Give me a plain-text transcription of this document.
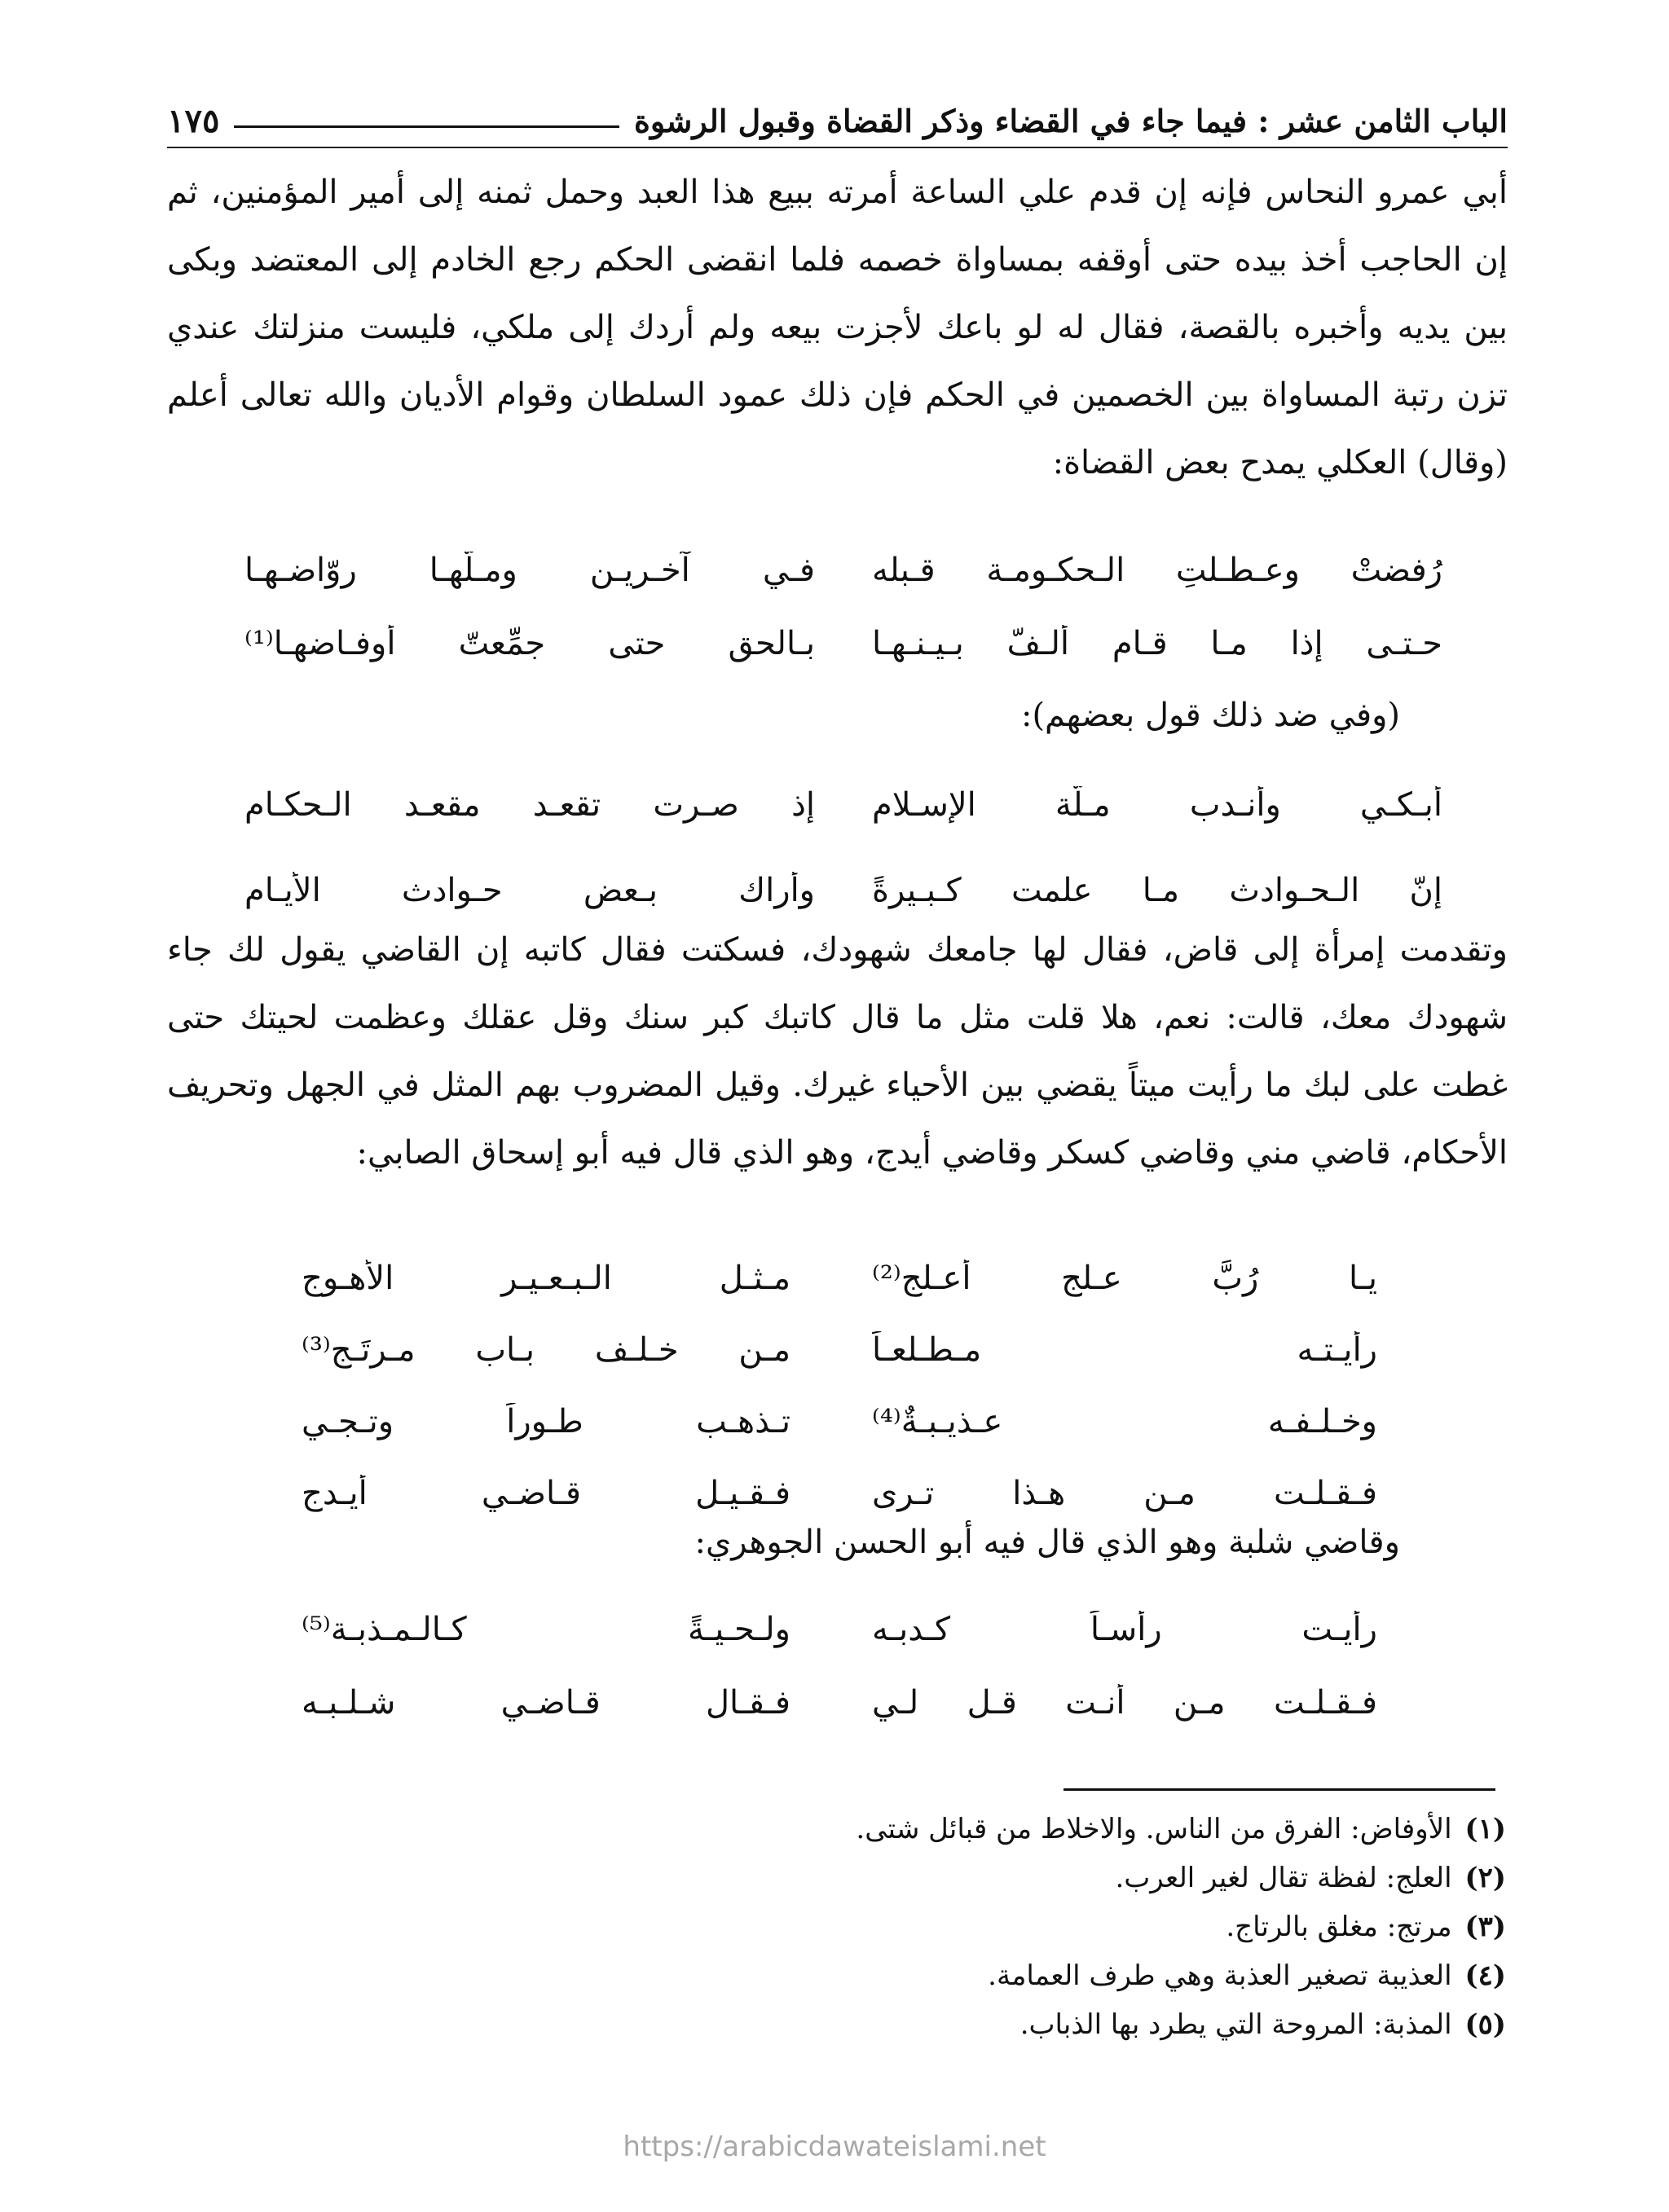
الباب الثامن عشر : فيما جاء في القضاء وذكر القضاة وقبول الرشوة
١٧٥

أبي عمرو النحاس فإنه إن قدم علي الساعة أمرته ببيع هذا العبد وحمل ثمنه إلى أمير المؤمنين، ثم إن الحاجب أخذ بيده حتى أوقفه بمساواة خصمه فلما انقضى الحكم رجع الخادم إلى المعتضد وبكى بين يديه وأخبره بالقصة، فقال له لو باعك لأجزت بيعه ولم أردك إلى ملكي، فليست منزلتك عندي تزن رتبة المساواة بين الخصمين في الحكم فإن ذلك عمود السلطان وقوام الأديان والله تعالى أعلم (وقال) العكلي يمدح بعض القضاة:

رُفضتْ وعـطـلتِ الـحكـومـة قـبله
فـي آخـريـن ومـلّهـا روّاضـهـا
حـتـى إذا مـا قـام ألـفّ بـيـنـهـا
بـالحق حتى جمِّعتّ أوفـاضهـا⁽¹⁾
(وفي ضد ذلك قول بعضهم):
أبـكـي وأنـدب مـلّة الإسـلام
إذ صـرت تقعـد مقعـد الـحكـام
إنّ الـحـوادث مـا علمت كـبـيرةً
وأراك بـعض حـوادث الأيـام

وتقدمت إمرأة إلى قاض، فقال لها جامعك شهودك، فسكتت فقال كاتبه إن القاضي يقول لك جاء شهودك معك، قالت: نعم، هلا قلت مثل ما قال كاتبك كبر سنك وقل عقلك وعظمت لحيتك حتى غطت على لبك ما رأيت ميتاً يقضي بين الأحياء غيرك. وقيل المضروب بهم المثل في الجهل وتحريف الأحكام، قاضي مني وقاضي كسكر وقاضي أيدج، وهو الذي قال فيه أبو إسحاق الصابي:

يـا رُبَّ عـلجٍ أعـلج⁽²⁾
مـثـل الـبـعـيـر الأهـوج
رأيـتـه مـطـلعـاً
مـن خـلـف بـاب مـرتَـج⁽³⁾
وخـلـفـه عـذيـبـةٌ⁽⁴⁾
تـذهـب طـوراً وتـجـي
فـقـلـت مـن هـذا تـرى
فـقـيـل قـاضـي أيـدج
وقاضي شلبة وهو الذي قال فيه أبو الحسن الجوهري:
رأيـت رأسـاً كـدبـه
ولـحـيـةً كـالـمـذبـة⁽⁵⁾
فـقـلـت مـن أنـت قـل لـي
فـقـال قـاضـي شـلـبـه
(١)الأوفاض: الفرق من الناس. والاخلاط من قبائل شتى.
(٢)العلج: لفظة تقال لغير العرب.
(٣)مرتج: مغلق بالرتاج.
(٤)العذيبة تصغير العذبة وهي طرف العمامة.
(٥)المذبة: المروحة التي يطرد بها الذباب.
https://arabicdawateislami.net
